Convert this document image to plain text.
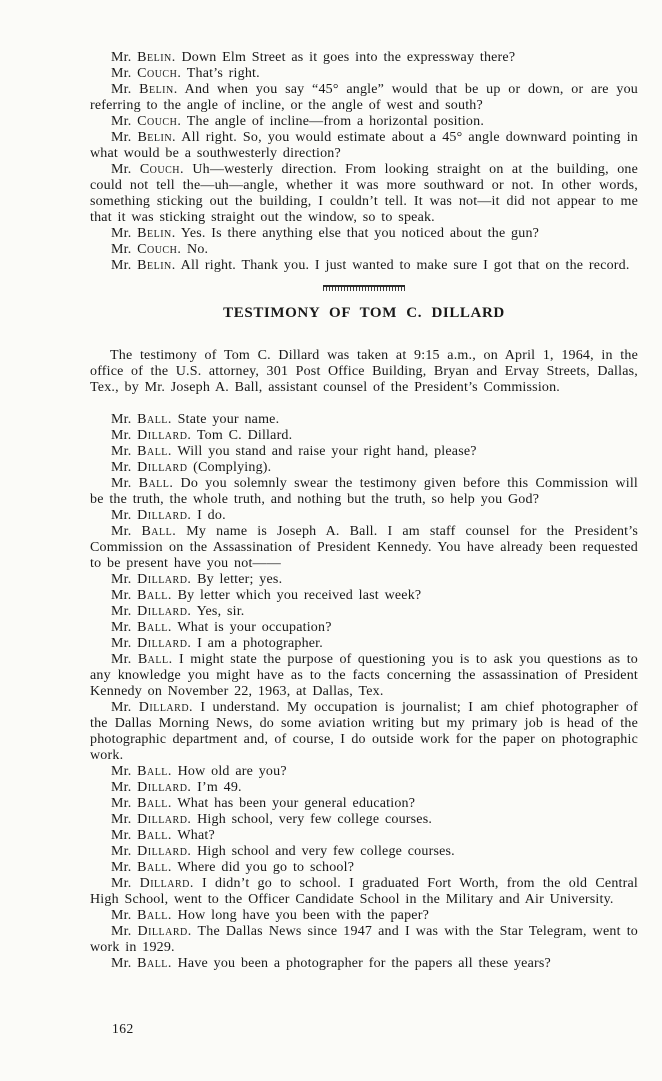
Mr. Belin. Down Elm Street as it goes into the expressway there?

Mr. Couch. That’s right.

Mr. Belin. And when you say “45° angle” would that be up or down, or are you referring to the angle of incline, or the angle of west and south?

Mr. Couch. The angle of incline—from a horizontal position.

Mr. Belin. All right. So, you would estimate about a 45° angle downward pointing in what would be a southwesterly direction?

Mr. Couch. Uh—westerly direction. From looking straight on at the building, one could not tell the—uh—angle, whether it was more southward or not. In other words, something sticking out the building, I couldn’t tell. It was not—it did not appear to me that it was sticking straight out the window, so to speak.

Mr. Belin. Yes. Is there anything else that you noticed about the gun?

Mr. Couch. No.

Mr. Belin. All right. Thank you. I just wanted to make sure I got that on the record.

TESTIMONY OF TOM C. DILLARD

The testimony of Tom C. Dillard was taken at 9:15 a.m., on April 1, 1964, in the office of the U.S. attorney, 301 Post Office Building, Bryan and Ervay Streets, Dallas, Tex., by Mr. Joseph A. Ball, assistant counsel of the President’s Commission.

Mr. Ball. State your name.

Mr. Dillard. Tom C. Dillard.

Mr. Ball. Will you stand and raise your right hand, please?

Mr. Dillard (Complying).

Mr. Ball. Do you solemnly swear the testimony given before this Commission will be the truth, the whole truth, and nothing but the truth, so help you God?

Mr. Dillard. I do.

Mr. Ball. My name is Joseph A. Ball. I am staff counsel for the President’s Commission on the Assassination of President Kennedy. You have already been requested to be present have you not——

Mr. Dillard. By letter; yes.

Mr. Ball. By letter which you received last week?

Mr. Dillard. Yes, sir.

Mr. Ball. What is your occupation?

Mr. Dillard. I am a photographer.

Mr. Ball. I might state the purpose of questioning you is to ask you questions as to any knowledge you might have as to the facts concerning the assassination of President Kennedy on November 22, 1963, at Dallas, Tex.

Mr. Dillard. I understand. My occupation is journalist; I am chief photographer of the Dallas Morning News, do some aviation writing but my primary job is head of the photographic department and, of course, I do outside work for the paper on photographic work.

Mr. Ball. How old are you?

Mr. Dillard. I’m 49.

Mr. Ball. What has been your general education?

Mr. Dillard. High school, very few college courses.

Mr. Ball. What?

Mr. Dillard. High school and very few college courses.

Mr. Ball. Where did you go to school?

Mr. Dillard. I didn’t go to school. I graduated Fort Worth, from the old Central High School, went to the Officer Candidate School in the Military and Air University.

Mr. Ball. How long have you been with the paper?

Mr. Dillard. The Dallas News since 1947 and I was with the Star Telegram, went to work in 1929.

Mr. Ball. Have you been a photographer for the papers all these years?

162
